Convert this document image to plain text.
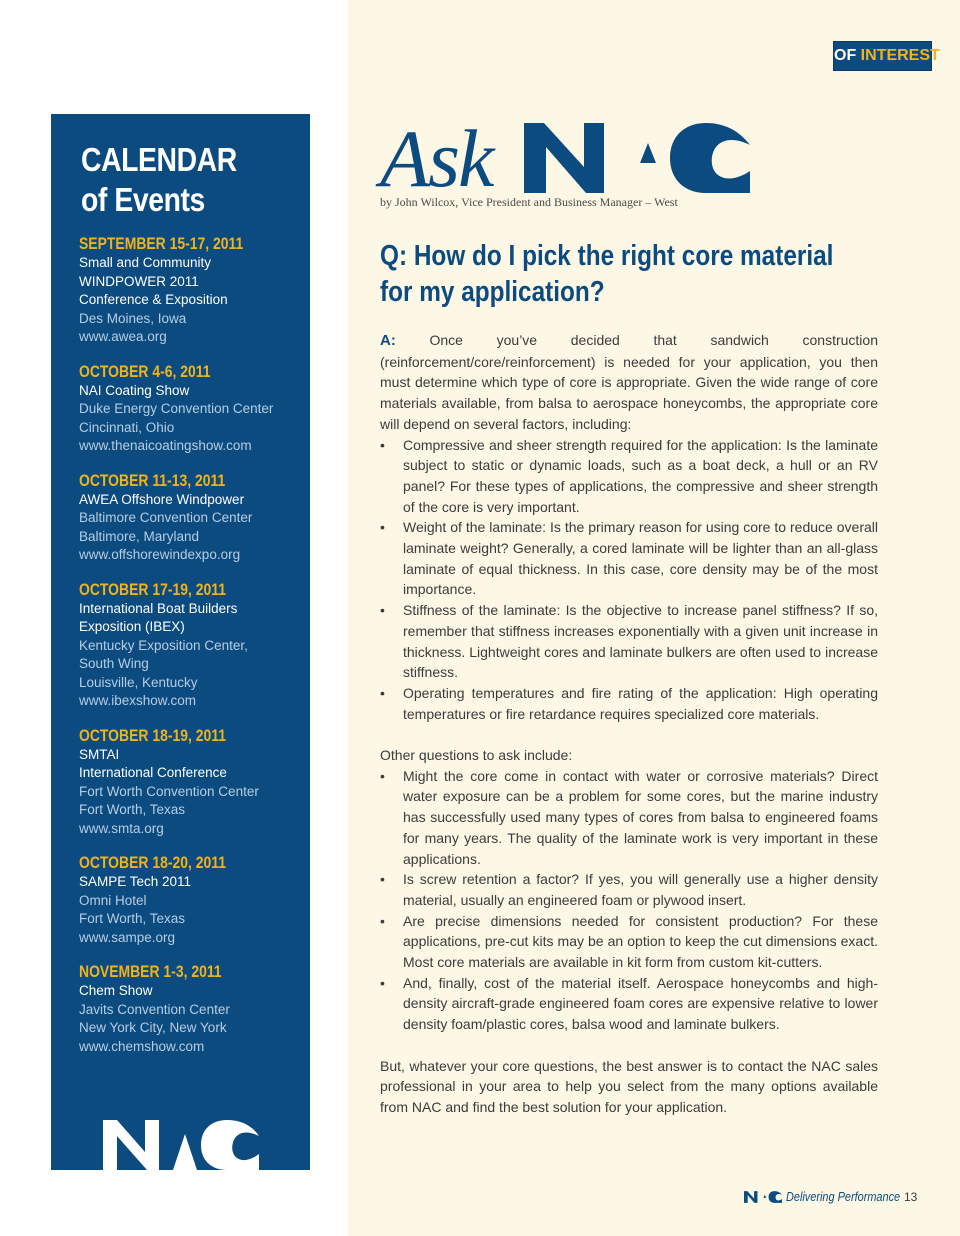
CALENDAR
of Events
SEPTEMBER 15-17, 2011
Small and Community
WINDPOWER 2011
Conference & Exposition
Des Moines, Iowa
www.awea.org
OCTOBER 4-6, 2011
NAI Coating Show
Duke Energy Convention Center
Cincinnati, Ohio
www.thenaicoatingshow.com
OCTOBER 11-13, 2011
AWEA Offshore Windpower
Baltimore Convention Center
Baltimore, Maryland
www.offshorewindexpo.org
OCTOBER 17-19, 2011
International Boat Builders
Exposition (IBEX)
Kentucky Exposition Center,
South Wing
Louisville, Kentucky
www.ibexshow.com
OCTOBER 18-19, 2011
SMTAI
International Conference
Fort Worth Convention Center
Fort Worth, Texas
www.smta.org
OCTOBER 18-20, 2011
SAMPE Tech 2011
Omni Hotel
Fort Worth, Texas
www.sampe.org
NOVEMBER 1-3, 2011
Chem Show
Javits Convention Center
New York City, New York
www.chemshow.com
OF INTEREST
Ask
by John Wilcox, Vice President and Business Manager – West
Q: How do I pick the right core material
for my application?

A: Once you’ve decided that sandwich construction (reinforcement/core/reinforcement) is needed for your application, you then must determine which type of core is appropriate. Given the wide range of core materials available, from balsa to aerospace honeycombs, the appropriate core will depend on several factors, including:

• Compressive and sheer strength required for the application: Is the laminate subject to static or dynamic loads, such as a boat deck, a hull or an RV panel? For these types of applications, the compressive and sheer strength of the core is very important.
• Weight of the laminate: Is the primary reason for using core to reduce overall laminate weight? Generally, a cored laminate will be lighter than an all-glass laminate of equal thickness. In this case, core density may be of the most importance.
• Stiffness of the laminate: Is the objective to increase panel stiffness? If so, remember that stiffness increases exponentially with a given unit increase in thickness. Lightweight cores and laminate bulkers are often used to increase stiffness.
• Operating temperatures and fire rating of the application: High operating temperatures or fire retardance requires specialized core materials.

Other questions to ask include:

• Might the core come in contact with water or corrosive materials? Direct water exposure can be a problem for some cores, but the marine industry has successfully used many types of cores from balsa to engineered foams for many years. The quality of the laminate work is very important in these applications.
• Is screw retention a factor? If yes, you will generally use a higher density material, usually an engineered foam or plywood insert.
• Are precise dimensions needed for consistent production? For these applications, pre-cut kits may be an option to keep the cut dimensions exact. Most core materials are available in kit form from custom kit-cutters.
• And, finally, cost of the material itself. Aerospace honeycombs and high-density aircraft-grade engineered foam cores are expensive relative to lower density foam/plastic cores, balsa wood and laminate bulkers.

But, whatever your core questions, the best answer is to contact the NAC sales professional in your area to help you select from the many options available from NAC and find the best solution for your application.

Delivering Performance 13
